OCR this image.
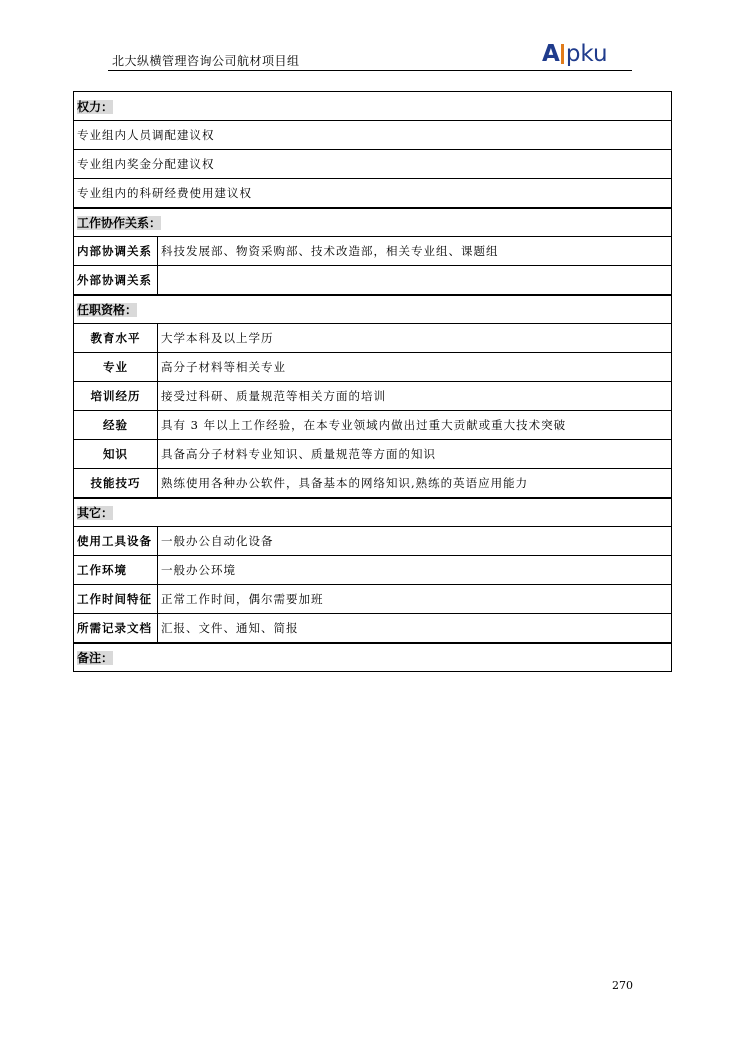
北大纵横管理咨询公司航材项目组	A pku
权力：	
专业组内人员调配建议权	
专业组内奖金分配建议权	
专业组内的科研经费使用建议权	
工作协作关系：	
内部协调关系	科技发展部、物资采购部、技术改造部，相关专业组、课题组
外部协调关系	
任职资格：	
教育水平	大学本科及以上学历
专业	高分子材料等相关专业
培训经历	接受过科研、质量规范等相关方面的培训
经验	具有 3 年以上工作经验，在本专业领域内做出过重大贡献或重大技术突破
知识	具备高分子材料专业知识、质量规范等方面的知识
技能技巧	熟练使用各种办公软件，具备基本的网络知识,熟练的英语应用能力
其它：	
使用工具设备	一般办公自动化设备
工作环境	一般办公环境
工作时间特征	正常工作时间，偶尔需要加班
所需记录文档	汇报、文件、通知、简报
备注：	
270
